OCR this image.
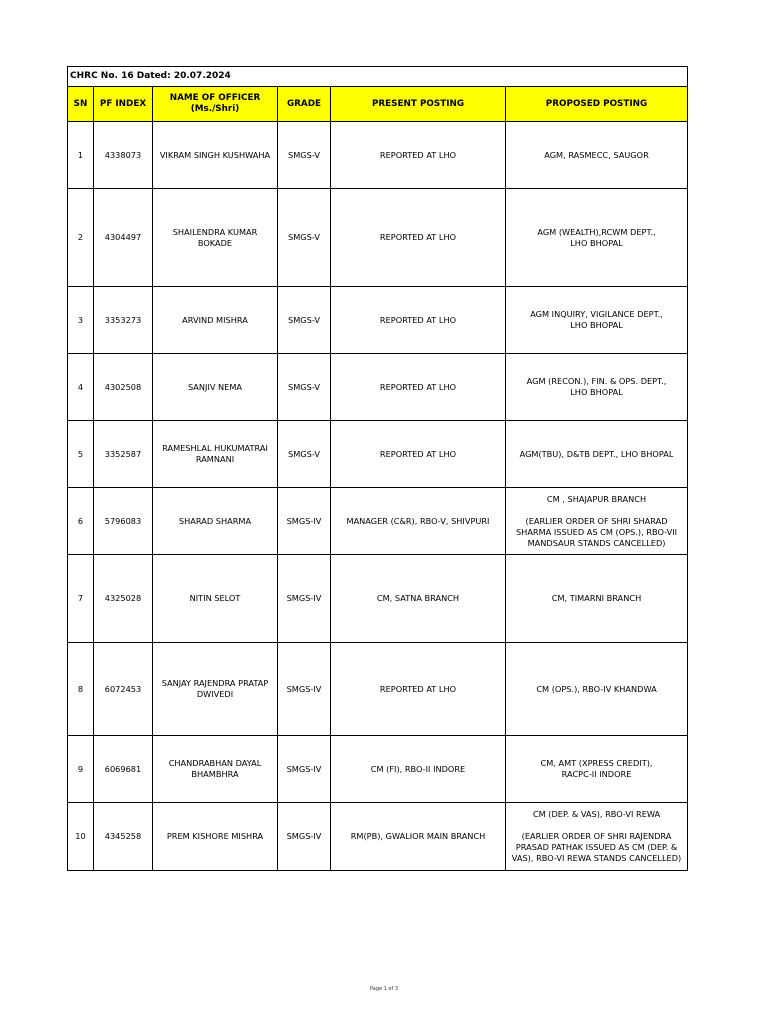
CHRC No. 16 Dated: 20.07.2024					
SN	PF INDEX	NAME OF OFFICER
(Ms./Shri)	GRADE	PRESENT POSTING	PROPOSED POSTING
1	4338073	VIKRAM SINGH KUSHWAHA	SMGS-V	REPORTED AT LHO	AGM, RASMECC, SAUGOR

2	4304497	SHAILENDRA KUMAR BOKADE	SMGS-V	REPORTED AT LHO	AGM (WEALTH),RCWM DEPT.,
LHO BHOPAL

3	3353273	ARVIND MISHRA	SMGS-V	REPORTED AT LHO	AGM INQUIRY, VIGILANCE DEPT.,
LHO BHOPAL

4	4302508	SANJIV NEMA	SMGS-V	REPORTED AT LHO	AGM (RECON.), FIN. & OPS. DEPT.,
LHO BHOPAL

5	3352587	RAMESHLAL HUKUMATRAI
RAMNANI	SMGS-V	REPORTED AT LHO	AGM(TBU), D&TB DEPT., LHO BHOPAL

6	5796083	SHARAD SHARMA	SMGS-IV	MANAGER (C&R), RBO-V, SHIVPURI	CM , SHAJAPUR BRANCH

(EARLIER ORDER OF SHRI SHARAD
SHARMA ISSUED AS CM (OPS.), RBO-VII
MANDSAUR STANDS CANCELLED)

7	4325028	NITIN SELOT	SMGS-IV	CM, SATNA BRANCH	CM, TIMARNI BRANCH

8	6072453	SANJAY RAJENDRA PRATAP
DWIVEDI	SMGS-IV	REPORTED AT LHO	CM (OPS.), RBO-IV KHANDWA

9	6069681	CHANDRABHAN DAYAL
BHAMBHRA	SMGS-IV	CM (FI), RBO-II INDORE	CM, AMT (XPRESS CREDIT),
RACPC-II INDORE

10	4345258	PREM KISHORE MISHRA	SMGS-IV	RM(PB), GWALIOR MAIN BRANCH	CM (DEP. & VAS), RBO-VI REWA

(EARLIER ORDER OF SHRI RAJENDRA
PRASAD PATHAK ISSUED AS CM (DEP. &
VAS), RBO-VI REWA STANDS CANCELLED)
Page 1 of 3
